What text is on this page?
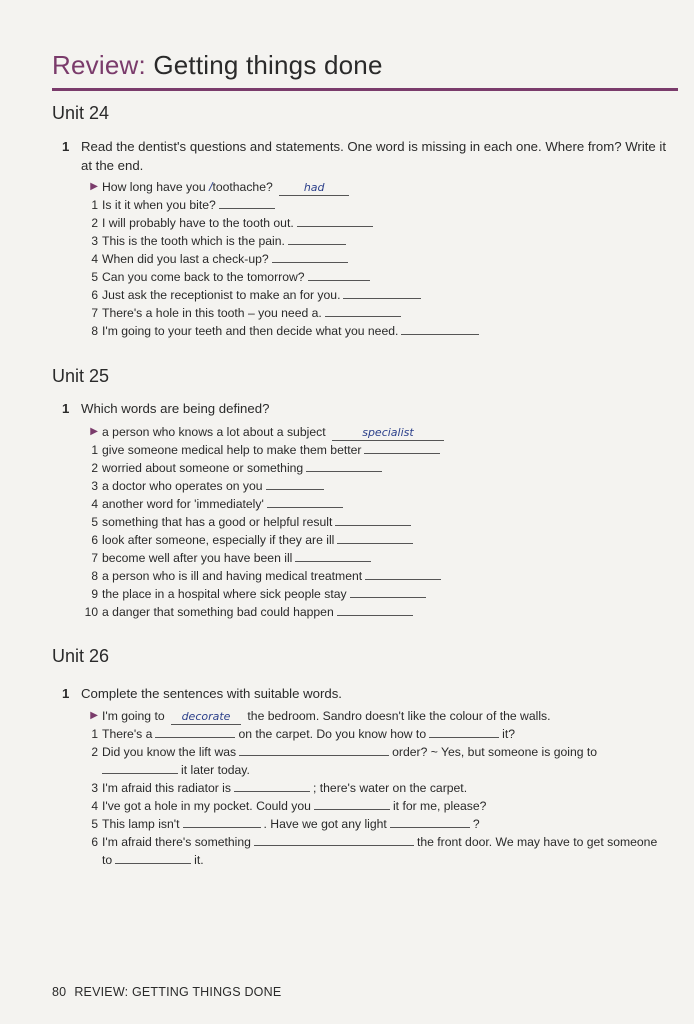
Review: Getting things done
Unit 24

1 Read the dentist's questions and statements. One word is missing in each one. Where from? Write it at the end.

▶ How long have you /toothache?	had
1 Is it it when you bite?
2 I will probably have to the tooth out.
3 This is the tooth which is the pain.
4 When did you last a check-up?
5 Can you come back to the tomorrow?
6 Just ask the receptionist to make an for you.
7 There's a hole in this tooth – you need a.
8 I'm going to your teeth and then decide what you need.
Unit 25

1 Which words are being defined?

▶ a person who knows a lot about a subject	specialist
1 give someone medical help to make them better
2 worried about someone or something
3 a doctor who operates on you
4 another word for 'immediately'
5 something that has a good or helpful result
6 look after someone, especially if they are ill
7 become well after you have been ill
8 a person who is ill and having medical treatment
9 the place in a hospital where sick people stay
10 a danger that something bad could happen
Unit 26

1 Complete the sentences with suitable words.

▶ I'm going to decorate the bedroom. Sandro doesn't like the colour of the walls.
1 There's a	on the carpet. Do you know how to	it?
2 Did you know the lift was	order? ~ Yes, but someone is going to
it later today.
3 I'm afraid this radiator is	; there's water on the carpet.
4 I've got a hole in my pocket. Could you	it for me, please?
5 This lamp isn't	. Have we got any light	?
6 I'm afraid there's something	the front door. We may have to get someone to	it.
80 REVIEW: GETTING THINGS DONE
